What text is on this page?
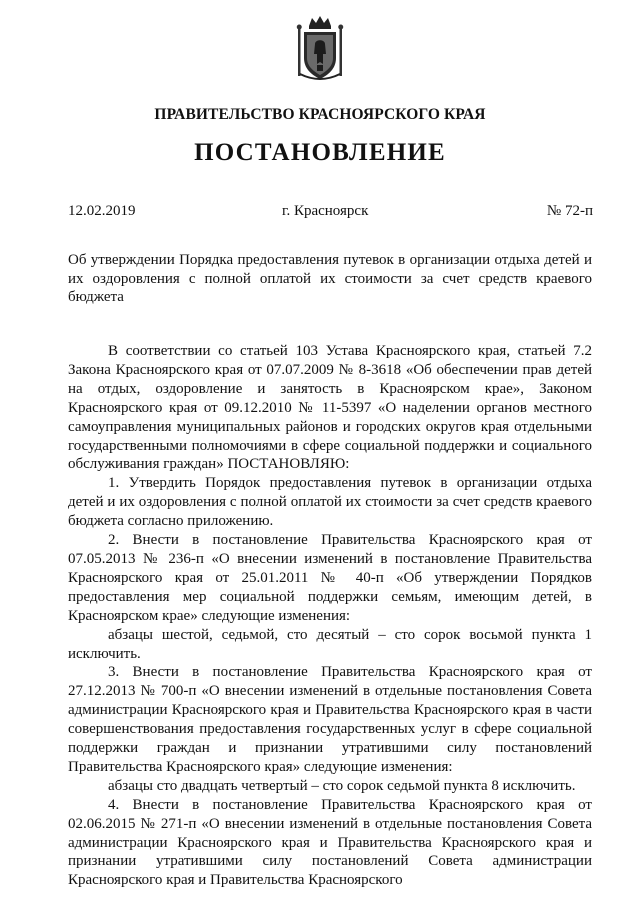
ПРАВИТЕЛЬСТВО КРАСНОЯРСКОГО КРАЯ
ПОСТАНОВЛЕНИЕ
12.02.2019	г. Красноярск	№ 72-п
Об утверждении Порядка предоставления путевок в организации отдыха детей и их оздоровления с полной оплатой их стоимости за счет средств краевого бюджета

В соответствии со статьей 103 Устава Красноярского края, статьей 7.2 Закона Красноярского края от 07.07.2009 № 8-3618 «Об обеспечении прав детей на отдых, оздоровление и занятость в Красноярском крае», Законом Красноярского края от 09.12.2010 № 11-5397 «О наделении органов местного самоуправления муниципальных районов и городских округов края отдельными государственными полномочиями в сфере социальной поддержки и социального обслуживания граждан» ПОСТАНОВЛЯЮ:

1. Утвердить Порядок предоставления путевок в организации отдыха детей и их оздоровления с полной оплатой их стоимости за счет средств краевого бюджета согласно приложению.

2. Внести в постановление Правительства Красноярского края от 07.05.2013 № 236-п «О внесении изменений в постановление Правительства Красноярского края от 25.01.2011 № 40-п «Об утверждении Порядков предоставления мер социальной поддержки семьям, имеющим детей, в Красноярском крае» следующие изменения:

абзацы шестой, седьмой, сто десятый – сто сорок восьмой пункта 1 исключить.

3. Внести в постановление Правительства Красноярского края от 27.12.2013 № 700-п «О внесении изменений в отдельные постановления Совета администрации Красноярского края и Правительства Красноярского края в части совершенствования предоставления государственных услуг в сфере социальной поддержки граждан и признании утратившими силу постановлений Правительства Красноярского края» следующие изменения:

абзацы сто двадцать четвертый – сто сорок седьмой пункта 8 исключить.

4. Внести в постановление Правительства Красноярского края от 02.06.2015 № 271-п «О внесении изменений в отдельные постановления Совета администрации Красноярского края и Правительства Красноярского края и признании утратившими силу постановлений Совета администрации Красноярского края и Правительства Красноярского
